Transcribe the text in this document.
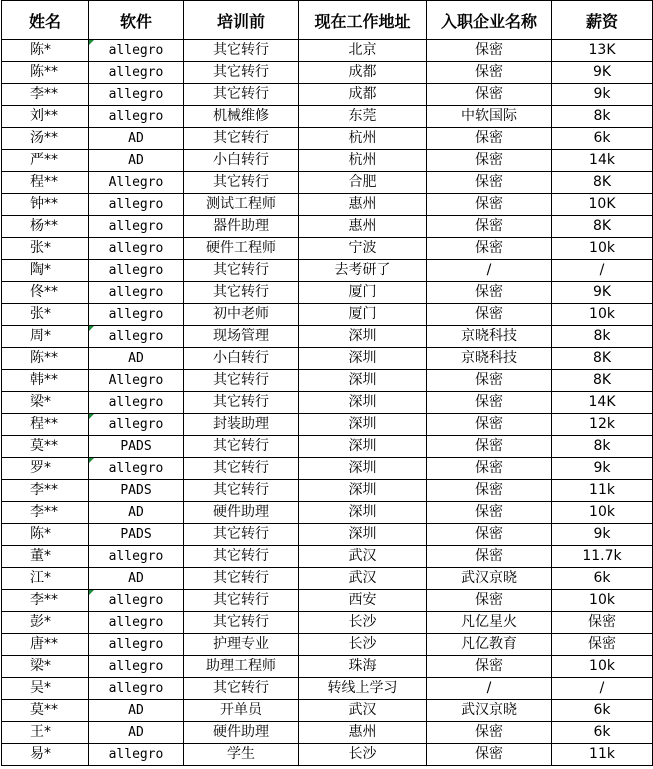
姓名	软件	培训前	现在工作地址	入职企业名称	薪资
陈*	allegro	其它转行	北京	保密	13K
陈**	allegro	其它转行	成都	保密	9K
李**	allegro	其它转行	成都	保密	9k
刘**	allegro	机械维修	东莞	中软国际	8k
汤**	AD	其它转行	杭州	保密	6k
严**	AD	小白转行	杭州	保密	14k
程**	Allegro	其它转行	合肥	保密	8K
钟**	allegro	测试工程师	惠州	保密	10K
杨**	allegro	器件助理	惠州	保密	8K
张*	allegro	硬件工程师	宁波	保密	10k
陶*	allegro	其它转行	去考研了	/	/
佟**	allegro	其它转行	厦门	保密	9K
张*	allegro	初中老师	厦门	保密	10k
周*	allegro	现场管理	深圳	京晓科技	8k
陈**	AD	小白转行	深圳	京晓科技	8K
韩**	Allegro	其它转行	深圳	保密	8K
梁*	allegro	其它转行	深圳	保密	14K
程**	allegro	封装助理	深圳	保密	12k
莫**	PADS	其它转行	深圳	保密	8k
罗*	allegro	其它转行	深圳	保密	9k
李**	PADS	其它转行	深圳	保密	11k
李**	AD	硬件助理	深圳	保密	10k
陈*	PADS	其它转行	深圳	保密	9k
董*	allegro	其它转行	武汉	保密	11.7k
江*	AD	其它转行	武汉	武汉京晓	6k
李**	allegro	其它转行	西安	保密	10k
彭*	allegro	其它转行	长沙	凡亿星火	保密
唐**	allegro	护理专业	长沙	凡亿教育	保密
梁*	allegro	助理工程师	珠海	保密	10k
吴*	allegro	其它转行	转线上学习	/	/
莫**	AD	开单员	武汉	武汉京晓	6k
王*	AD	硬件助理	惠州	保密	6k
易*	allegro	学生	长沙	保密	11k
